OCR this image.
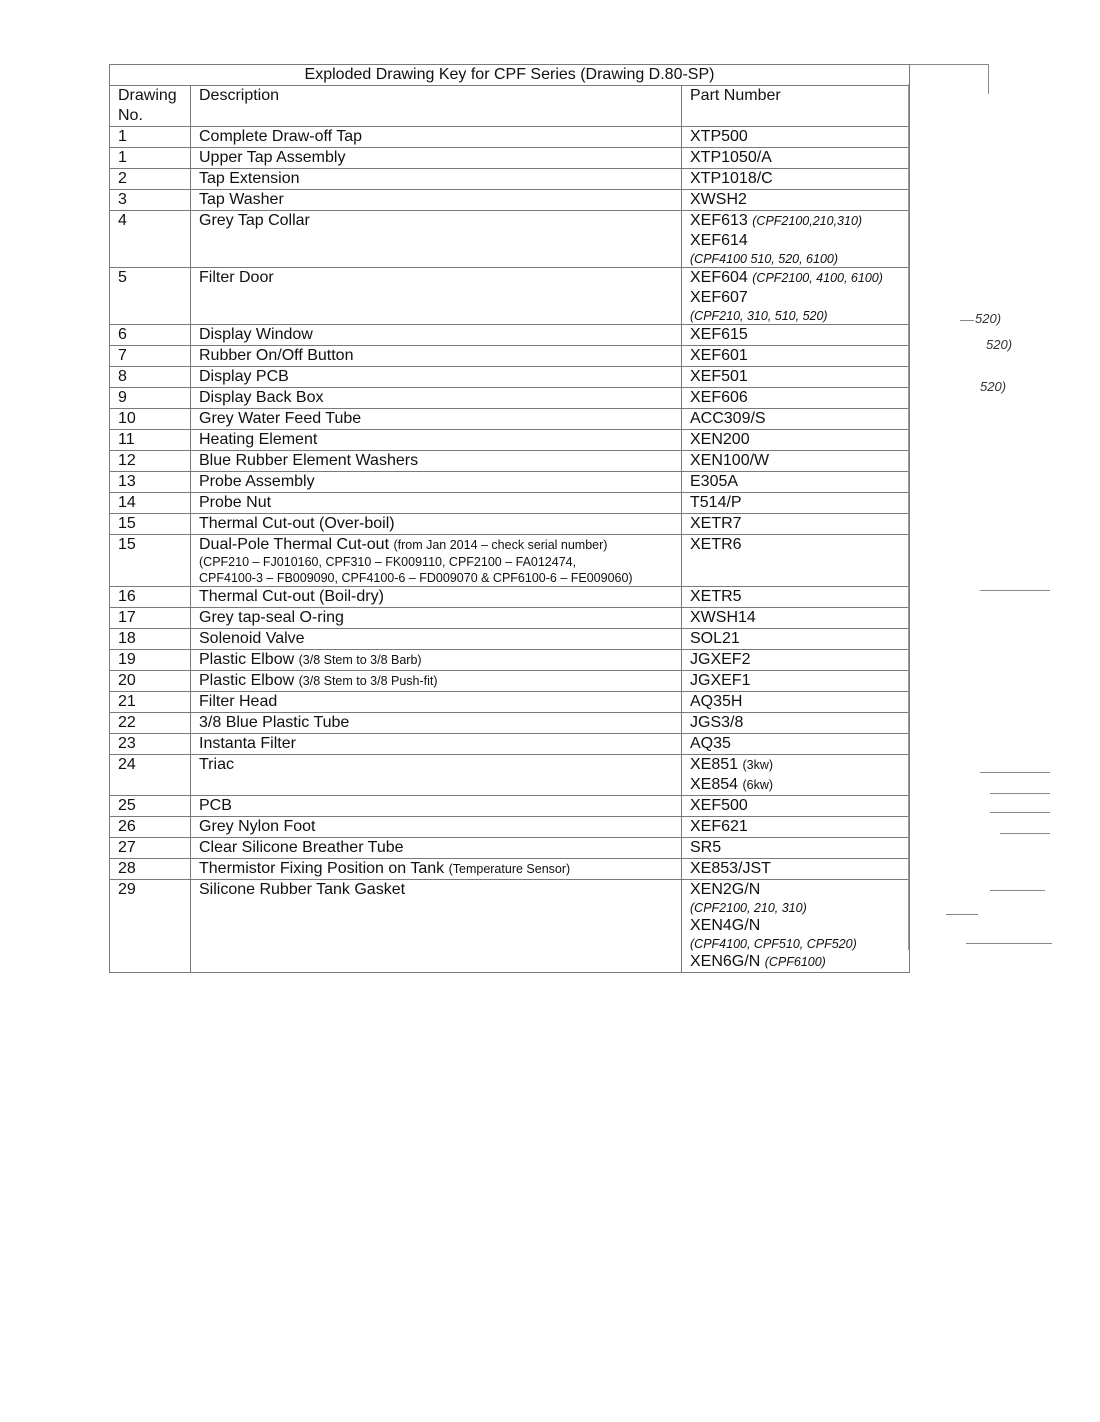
Exploded Drawing Key for CPF Series (Drawing D.80-SP)		

Drawing No.	Description	Part Number
1	Complete Draw-off Tap	XTP500

1	Upper Tap Assembly	XTP1050/A

2	Tap Extension	XTP1018/C

3	Tap Washer	XWSH2

4	Grey Tap Collar	XEF613 (CPF2100,210,310)
XEF614
(CPF4100 510, 520, 6100)

5	Filter Door	XEF604 (CPF2100, 4100, 6100)
XEF607
(CPF210, 310, 510, 520)

6	Display Window	XEF615

7	Rubber On/Off Button	XEF601

8	Display PCB	XEF501

9	Display Back Box	XEF606

10	Grey Water Feed Tube	ACC309/S

11	Heating Element	XEN200

12	Blue Rubber Element Washers	XEN100/W

13	Probe Assembly	E305A

14	Probe Nut	T514/P

15	Thermal Cut-out (Over-boil)	XETR7

15	Dual-Pole Thermal Cut-out (from Jan 2014 – check serial number)
(CPF210 – FJ010160, CPF310 – FK009110, CPF2100 – FA012474,
CPF4100-3 – FB009090, CPF4100-6 – FD009070 & CPF6100-6 – FE009060)	XETR6

16	Thermal Cut-out (Boil-dry)	XETR5

17	Grey tap-seal O-ring	XWSH14

18	Solenoid Valve	SOL21

19	Plastic Elbow (3/8 Stem to 3/8 Barb)	JGXEF2

20	Plastic Elbow (3/8 Stem to 3/8 Push-fit)	JGXEF1

21	Filter Head	AQ35H

22	3/8 Blue Plastic Tube	JGS3/8

23	Instanta Filter	AQ35

24	Triac	XE851 (3kw)
XE854 (6kw)

25	PCB	XEF500

26	Grey Nylon Foot	XEF621

27	Clear Silicone Breather Tube	SR5

28	Thermistor Fixing Position on Tank (Temperature Sensor)	XE853/JST

29	Silicone Rubber Tank Gasket	XEN2G/N
(CPF2100, 210, 310)
XEN4G/N
(CPF4100, CPF510, CPF520)
XEN6G/N (CPF6100)
520)
520)
520)
